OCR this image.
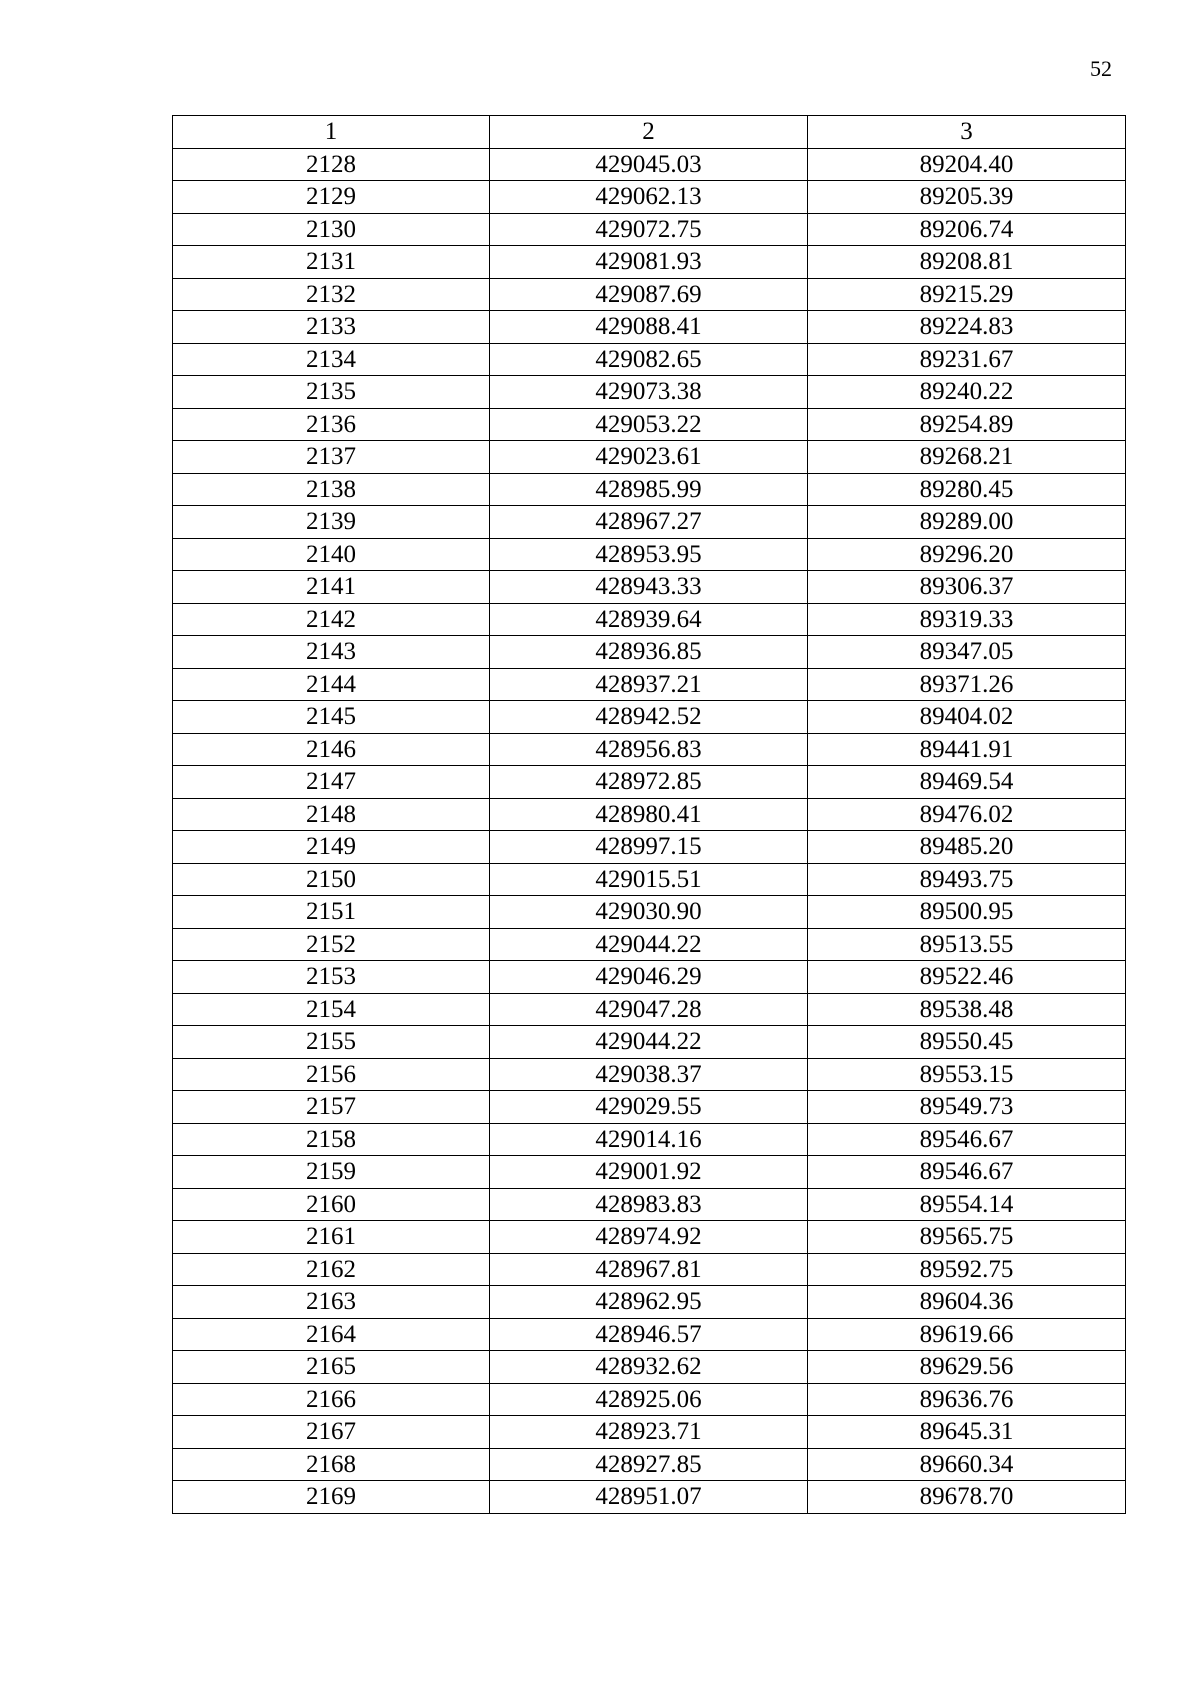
52
1	2	3
2128	429045.03	89204.40
2129	429062.13	89205.39
2130	429072.75	89206.74
2131	429081.93	89208.81
2132	429087.69	89215.29
2133	429088.41	89224.83
2134	429082.65	89231.67
2135	429073.38	89240.22
2136	429053.22	89254.89
2137	429023.61	89268.21
2138	428985.99	89280.45
2139	428967.27	89289.00
2140	428953.95	89296.20
2141	428943.33	89306.37
2142	428939.64	89319.33
2143	428936.85	89347.05
2144	428937.21	89371.26
2145	428942.52	89404.02
2146	428956.83	89441.91
2147	428972.85	89469.54
2148	428980.41	89476.02
2149	428997.15	89485.20
2150	429015.51	89493.75
2151	429030.90	89500.95
2152	429044.22	89513.55
2153	429046.29	89522.46
2154	429047.28	89538.48
2155	429044.22	89550.45
2156	429038.37	89553.15
2157	429029.55	89549.73
2158	429014.16	89546.67
2159	429001.92	89546.67
2160	428983.83	89554.14
2161	428974.92	89565.75
2162	428967.81	89592.75
2163	428962.95	89604.36
2164	428946.57	89619.66
2165	428932.62	89629.56
2166	428925.06	89636.76
2167	428923.71	89645.31
2168	428927.85	89660.34
2169	428951.07	89678.70
